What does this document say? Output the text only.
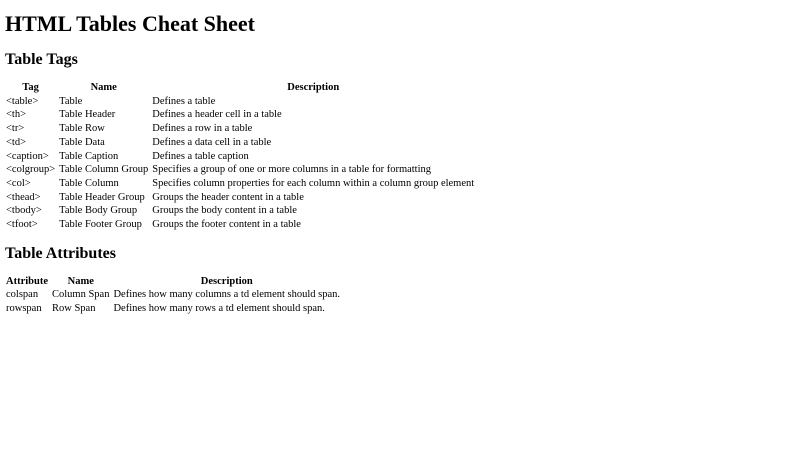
HTML Tables Cheat Sheet
Table Tags
Tag	Name	Description
<table>	Table	Defines a table
<th>	Table Header	Defines a header cell in a table
<tr>	Table Row	Defines a row in a table
<td>	Table Data	Defines a data cell in a table
<caption>	Table Caption	Defines a table caption
<colgroup>	Table Column Group	Specifies a group of one or more columns in a table for formatting
<col>	Table Column	Specifies column properties for each column within a column group element
<thead>	Table Header Group	Groups the header content in a table
<tbody>	Table Body Group	Groups the body content in a table
<tfoot>	Table Footer Group	Groups the footer content in a table
Table Attributes
Attribute	Name	Description
colspan	Column Span	Defines how many columns a td element should span.
rowspan	Row Span	Defines how many rows a td element should span.
